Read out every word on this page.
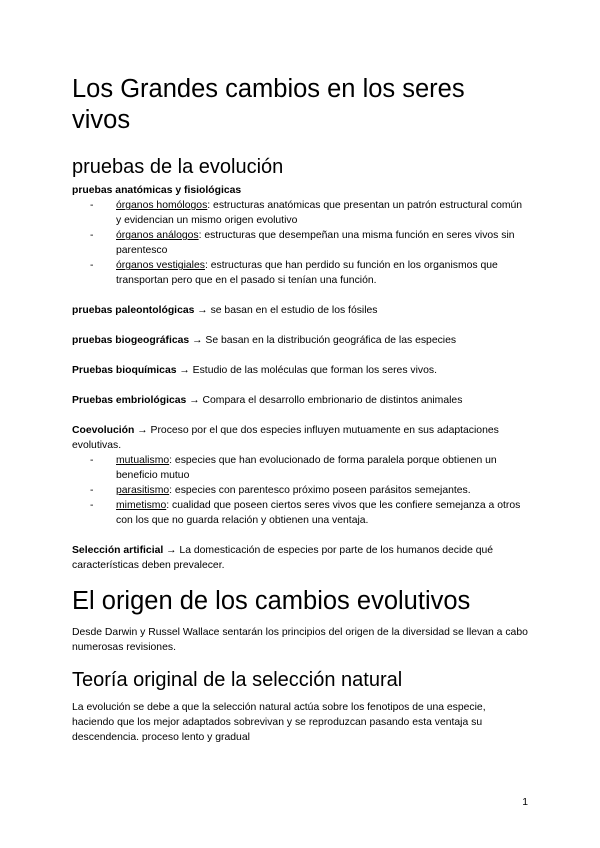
Los Grandes cambios en los seres vivos
pruebas de la evolución

pruebas anatómicas y fisiológicas

- órganos homólogos: estructuras anatómicas que presentan un patrón estructural común y evidencian un mismo origen evolutivo
- órganos análogos: estructuras que desempeñan una misma función en seres vivos sin parentesco
- órganos vestigiales: estructuras que han perdido su función en los organismos que transportan pero que en el pasado si tenían una función.

pruebas paleontológicas → se basan en el estudio de los fósiles

pruebas biogeográficas → Se basan en la distribución geográfica de las especies

Pruebas bioquímicas → Estudio de las moléculas que forman los seres vivos.

Pruebas embriológicas → Compara el desarrollo embrionario de distintos animales

Coevolución → Proceso por el que dos especies influyen mutuamente en sus adaptaciones evolutivas.

- mutualismo: especies que han evolucionado de forma paralela porque obtienen un beneficio mutuo
- parasitismo: especies con parentesco próximo poseen parásitos semejantes.
- mimetismo: cualidad que poseen ciertos seres vivos que les confiere semejanza a otros con los que no guarda relación y obtienen una ventaja.

Selección artificial → La domesticación de especies por parte de los humanos decide qué características deben prevalecer.

El origen de los cambios evolutivos

Desde Darwin y Russel Wallace sentarán los principios del origen de la diversidad se llevan a cabo numerosas revisiones.

Teoría original de la selección natural

La evolución se debe a que la selección natural actúa sobre los fenotipos de una especie, haciendo que los mejor adaptados sobrevivan y se reproduzcan pasando esta ventaja su descendencia. proceso lento y gradual

1
